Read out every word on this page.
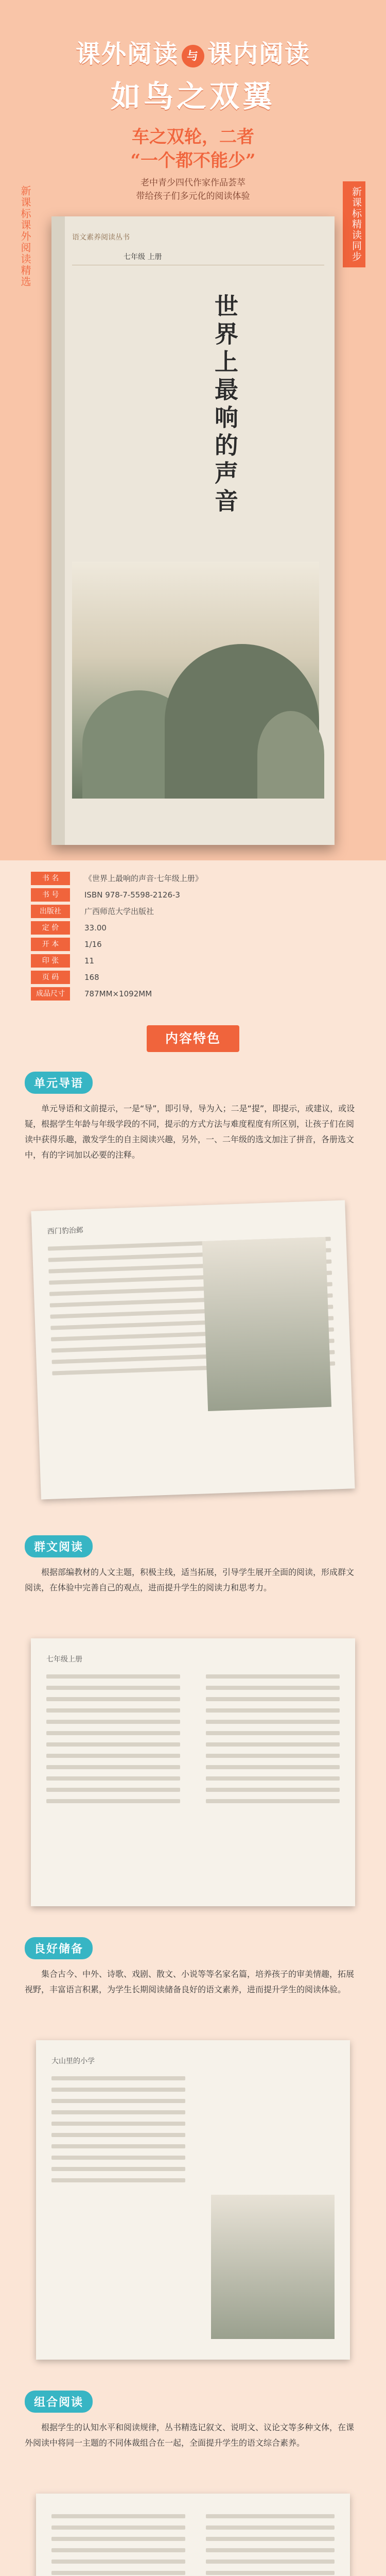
课外阅读 与 课内阅读
如鸟之双翼
车之双轮，二者
“一个都不能少”
老中青少四代作家作品荟萃
带给孩子们多元化的阅读体验
新课标课外阅读精选	新课标精读同步
语文素养阅读丛书
七年级 上册
世界上最响的声音
书 名	《世界上最响的声音·七年级上册》
书 号	ISBN 978-7-5598-2126-3
出版社	广西师范大学出版社
定 价	33.00
开 本	1/16
印 张	11
页 码	168
成品尺寸	787MM×1092MM
内容特色
单元导语
单元导语和文前提示，一是“导”，即引导，导为入；二是“提”，即提示，或建议，或设疑，根据学生年龄与年级学段的不同，提示的方式方法与难度程度有所区别，让孩子们在阅读中获得乐趣，激发学生的自主阅读兴趣，另外，一、二年级的选文加注了拼音，各册选文中，有的字词加以必要的注释。
西门豹治邺
群文阅读
根据部编教材的人文主题，积极主线，适当拓展，引导学生展开全面的阅读，形成群文阅读，在体验中完善自己的观点，进而提升学生的阅读力和思考力。
七年级上册
良好储备
集合古今、中外、诗歌、戏剧、散文、小说等等名家名篇，培养孩子的审美情趣，拓展视野，丰富语言积累，为学生长期阅读储备良好的语文素养，进而提升学生的阅读体验。
大山里的小学
组合阅读
根据学生的认知水平和阅读规律，丛书精选记叙文、说明文、议论文等多种文体，在课外阅读中将同一主题的不同体裁组合在一起，全面提升学生的语文综合素养。
